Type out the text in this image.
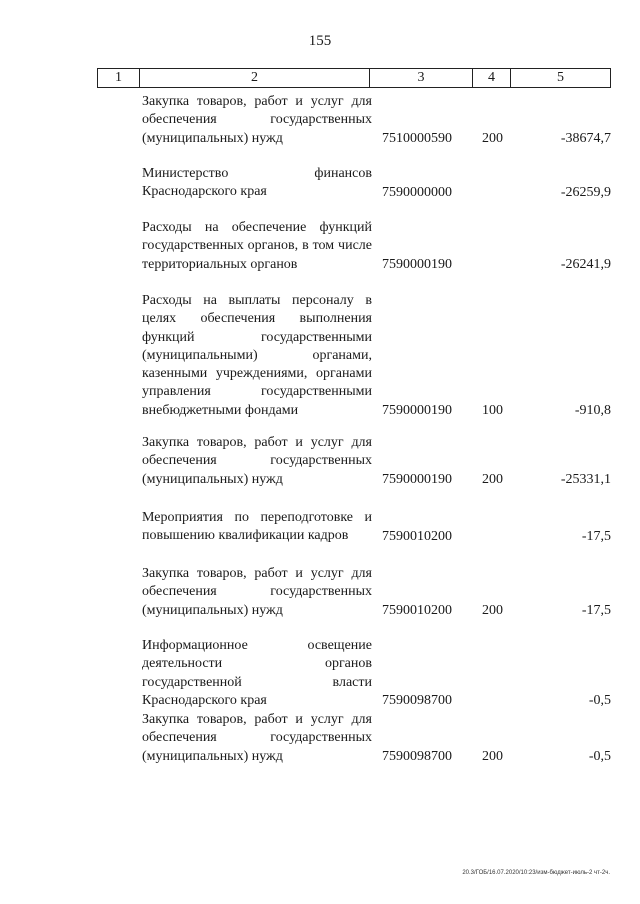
155
1	2	3	4	5
Закупка товаров, работ и услуг для обеспечения государственных (муниципальных) нужд	7510000590 200	-38674,7
Министерство финансов Краснодарского края	7590000000	-26259,9
Расходы на обеспечение функций государственных органов, в том числе территориальных органов	7590000190	-26241,9
Расходы на выплаты персоналу в целях обеспечения выполнения функций государственными (муниципальными) органами, казенными учреждениями, органами управления государственными внебюджетными фондами	7590000190 100	-910,8
Закупка товаров, работ и услуг для обеспечения государственных (муниципальных) нужд	7590000190 200	-25331,1
Мероприятия по переподготовке и повышению квалификации кадров	7590010200	-17,5
Закупка товаров, работ и услуг для обеспечения государственных (муниципальных) нужд	7590010200 200	-17,5
Информационное освещение деятельности органов государственной власти Краснодарского края	7590098700	-0,5
Закупка товаров, работ и услуг для обеспечения государственных (муниципальных) нужд	7590098700 200	-0,5
20.3/ГОБ/16.07.2020/10:23/изм-бюджет-июль-2 чт-2ч.
